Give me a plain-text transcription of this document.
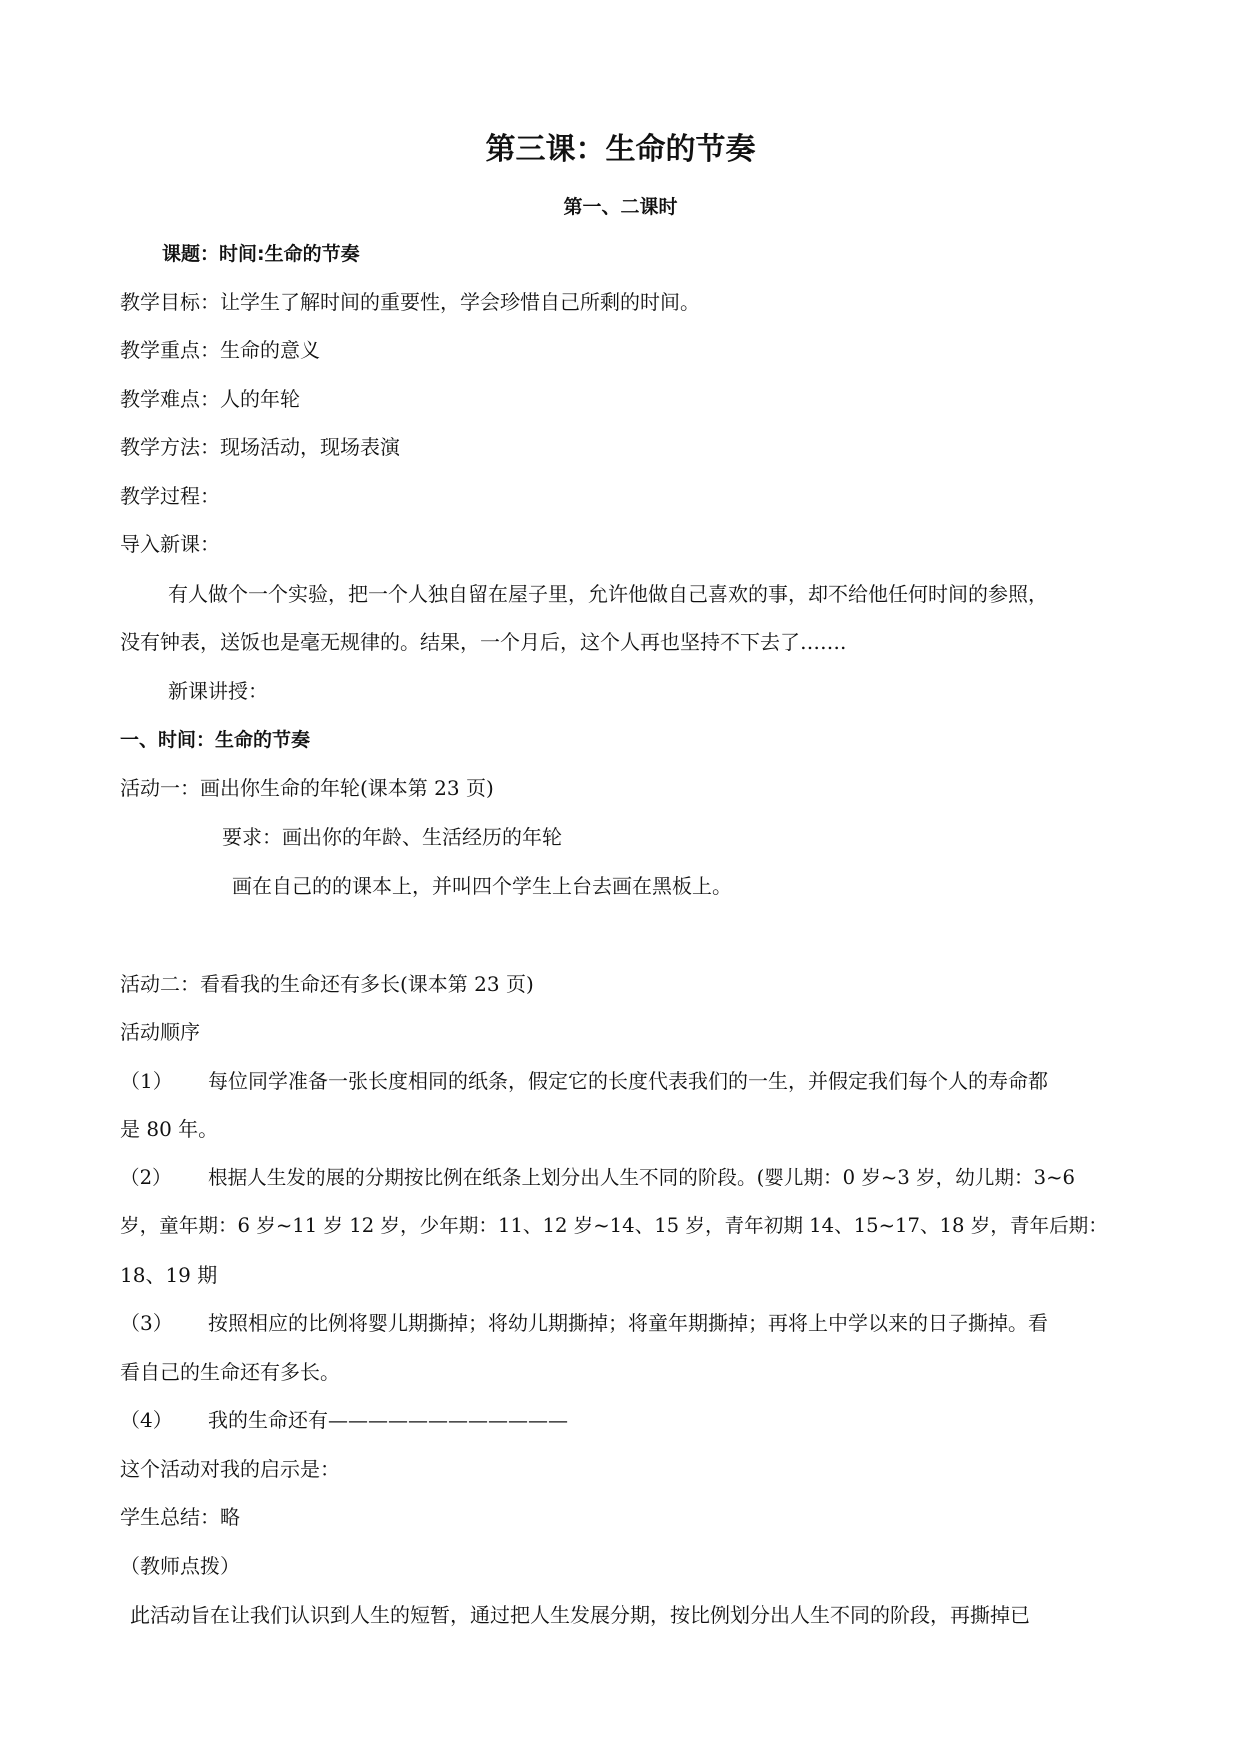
第三课：生命的节奏
第一、二课时
课题：时间:生命的节奏
教学目标：让学生了解时间的重要性，学会珍惜自己所剩的时间。
教学重点：生命的意义
教学难点：人的年轮
教学方法：现场活动，现场表演
教学过程：
导入新课：
有人做个一个实验，把一个人独自留在屋子里，允许他做自己喜欢的事，却不给他任何时间的参照，
没有钟表，送饭也是毫无规律的。结果，一个月后，这个人再也坚持不下去了…….
新课讲授：
一、时间：生命的节奏
活动一：画出你生命的年轮(课本第 23 页)
要求：画出你的年龄、生活经历的年轮
画在自己的的课本上，并叫四个学生上台去画在黑板上。
活动二：看看我的生命还有多长(课本第 23 页)
活动顺序
（1） 每位同学准备一张长度相同的纸条，假定它的长度代表我们的一生，并假定我们每个人的寿命都
是 80 年。
（2） 根据人生发的展的分期按比例在纸条上划分出人生不同的阶段。(婴儿期：0 岁~3 岁，幼儿期：3~6
岁，童年期：6 岁~11 岁 12 岁，少年期：11、12 岁~14、15 岁，青年初期 14、15~17、18 岁，青年后期：
18、19 期
（3） 按照相应的比例将婴儿期撕掉；将幼儿期撕掉；将童年期撕掉；再将上中学以来的日子撕掉。看
看自己的生命还有多长。
（4） 我的生命还有————————————
这个活动对我的启示是：
学生总结：略
（教师点拨）
此活动旨在让我们认识到人生的短暂，通过把人生发展分期，按比例划分出人生不同的阶段，再撕掉已
